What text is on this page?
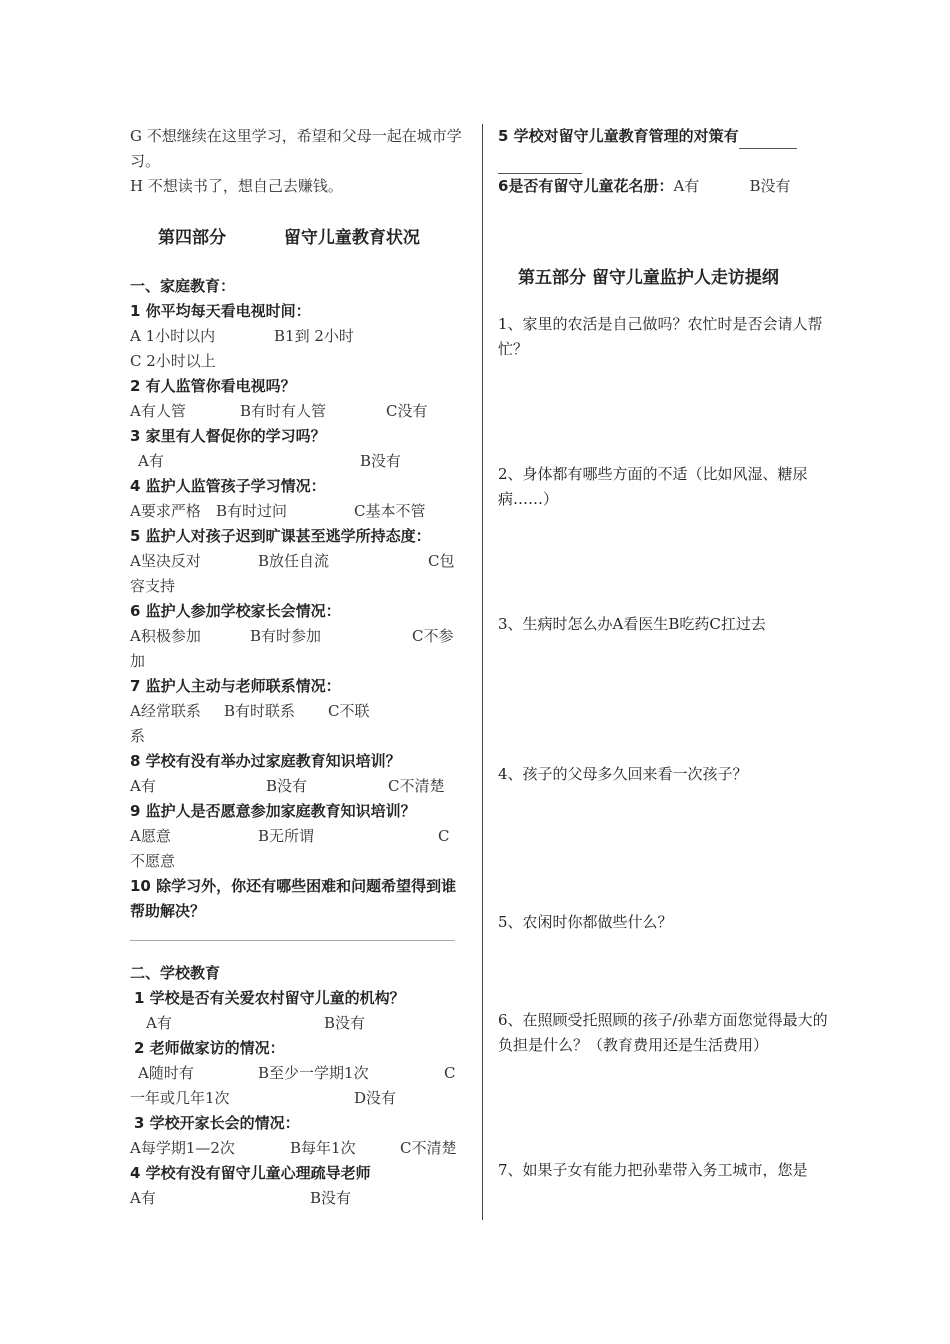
G 不想继续在这里学习，希望和父母一起在城市学习。

H 不想读书了，想自己去赚钱。

第四部分	留守儿童教育状况

一、家庭教育：

1 你平均每天看电视时间：

A 1小时以内	B1到 2小时

C 2小时以上

2 有人监管你看电视吗？

A有人管	B有时有人管	C没有

3 家里有人督促你的学习吗？

A有	B没有

4 监护人监管孩子学习情况：

A要求严格	B有时过问	C基本不管

5 监护人对孩子迟到旷课甚至逃学所持态度：

A坚决反对	B放任自流	C包

容支持

6 监护人参加学校家长会情况：

A积极参加	B有时参加	C不参

加

7 监护人主动与老师联系情况：

A经常联系	B有时联系	C不联

系

8 学校有没有举办过家庭教育知识培训？

A有	B没有	C不清楚

9 监护人是否愿意参加家庭教育知识培训？

A愿意	B无所谓	C

不愿意

10 除学习外，你还有哪些困难和问题希望得到谁帮助解决？

二、学校教育

1 学校是否有关爱农村留守儿童的机构？

A有	B没有

2 老师做家访的情况：

A随时有	B至少一学期1次	C

一年或几年1次	D没有

3 学校开家长会的情况：

A每学期1—2次	B每年1次	C不清楚

4 学校有没有留守儿童心理疏导老师

A有	B没有

5 学校对留守儿童教育管理的对策有

6是否有留守儿童花名册：A有	B没有

第五部分 留守儿童监护人走访提纲

1、家里的农活是自己做吗？农忙时是否会请人帮忙？

2、身体都有哪些方面的不适（比如风湿、糖尿病……）

3、生病时怎么办A看医生B吃药C扛过去

4、孩子的父母多久回来看一次孩子？

5、农闲时你都做些什么？

6、在照顾受托照顾的孩子/孙辈方面您觉得最大的负担是什么？（教育费用还是生活费用）

7、如果子女有能力把孙辈带入务工城市，您是
